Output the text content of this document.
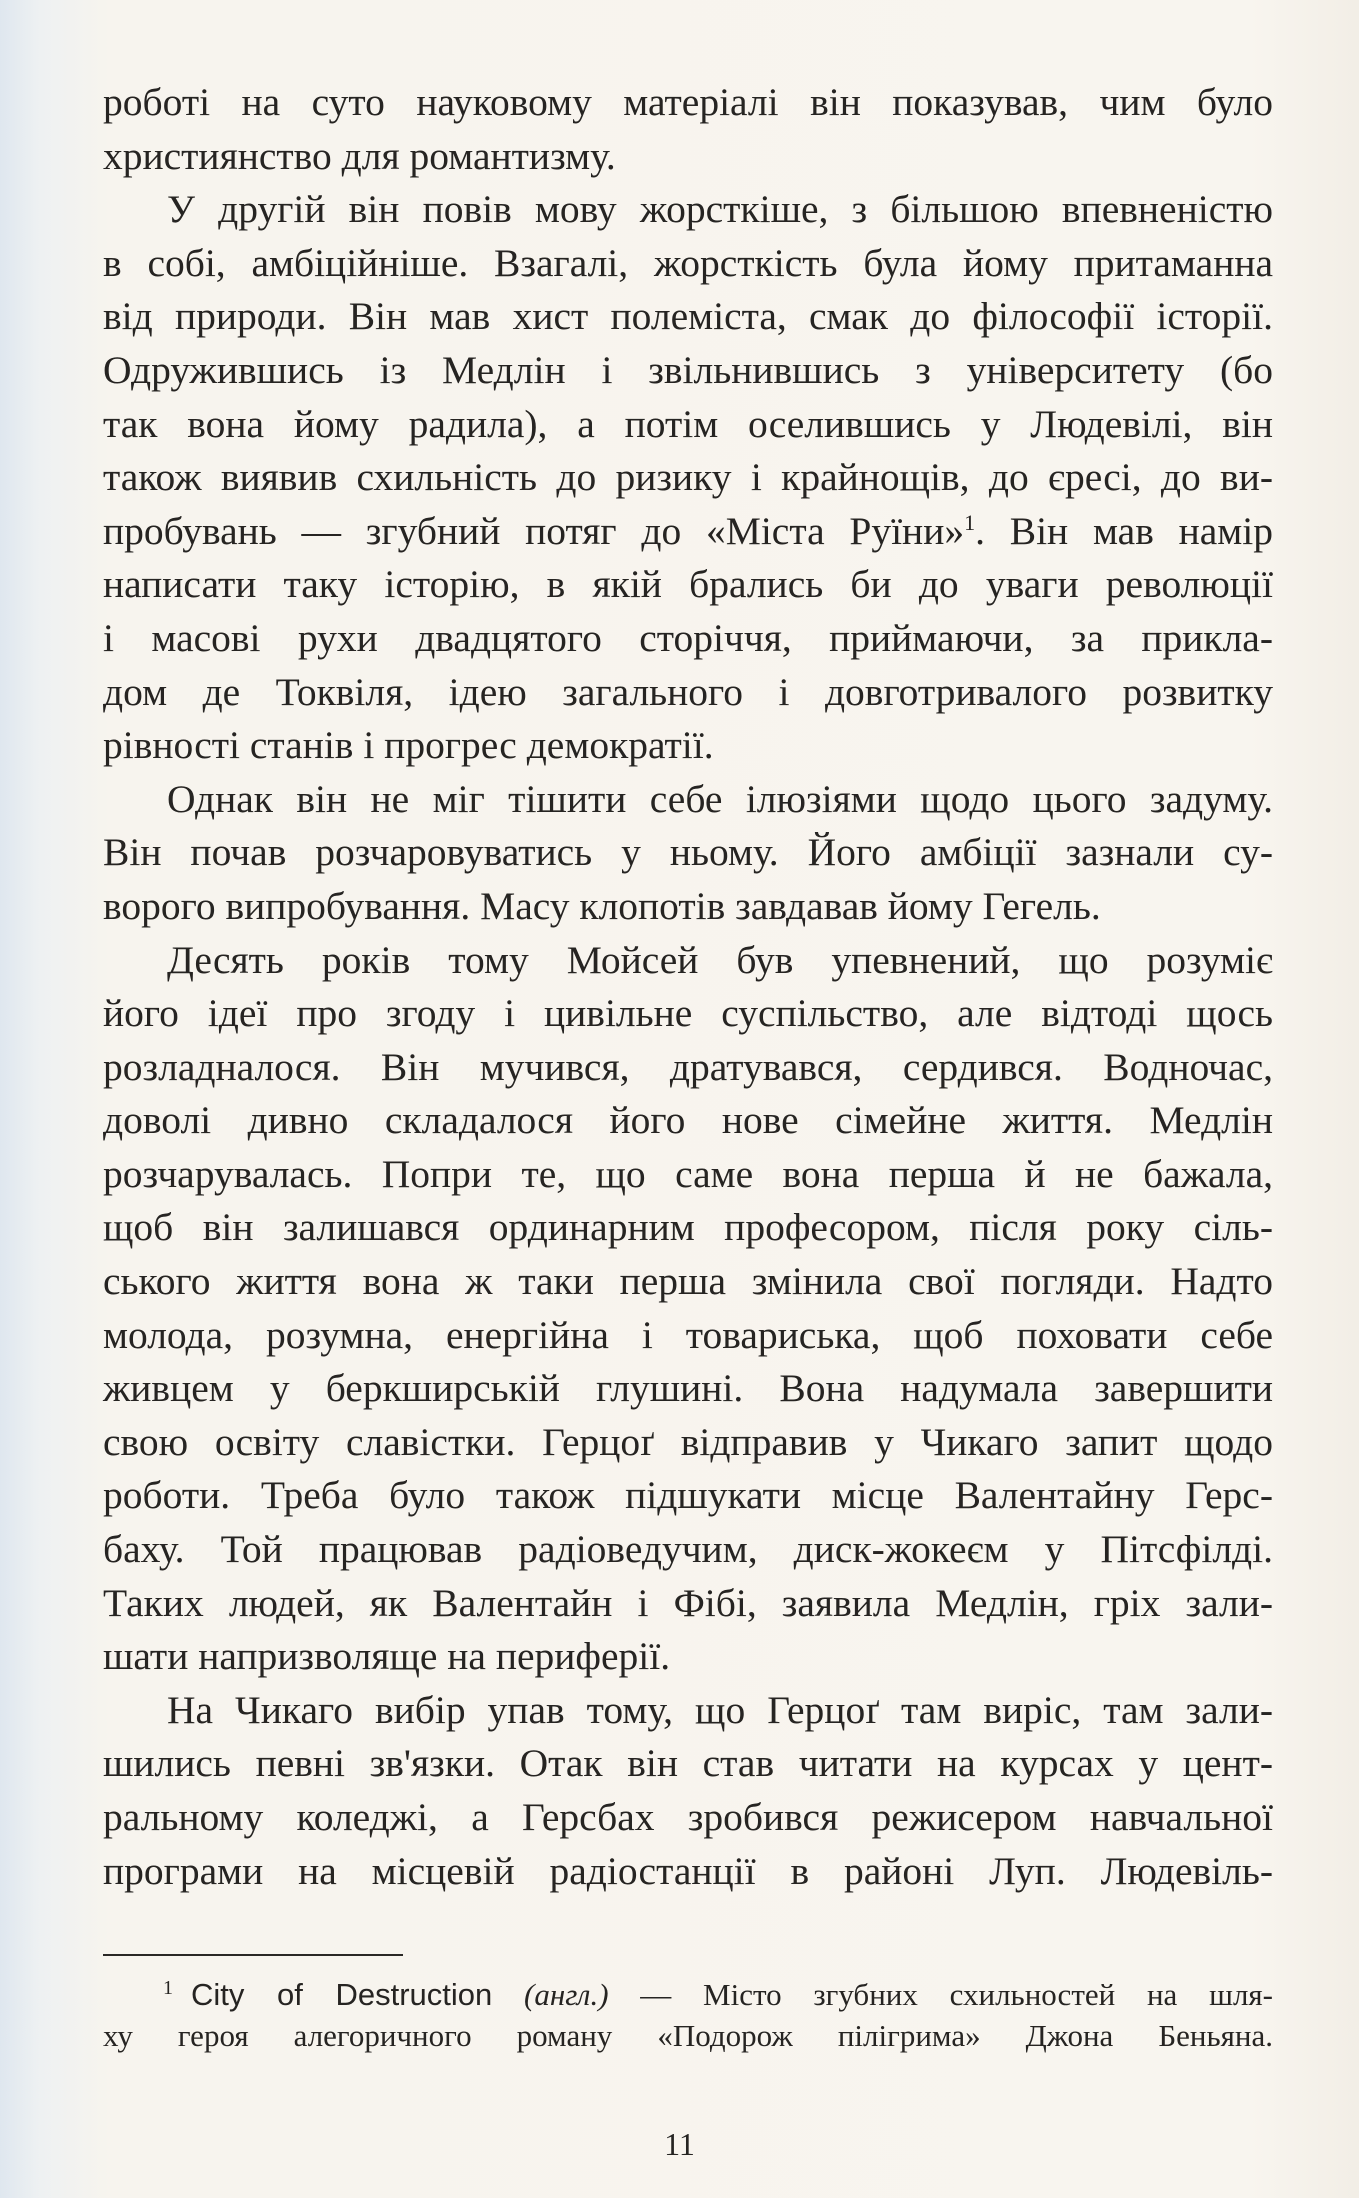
роботі на суто науковому матеріалі він показував, чим було
християнство для романтизму.

У другій він повів мову жорсткіше, з більшою впевненістю
в собі, амбіційніше. Взагалі, жорсткість була йому притаманна
від природи. Він мав хист полеміста, смак до філософії історії.
Одружившись із Медлін і звільнившись з університету (бо
так вона йому радила), а потім оселившись у Людевілі, він
також виявив схильність до ризику і крайнощів, до єресі, до ви-
пробувань — згубний потяг до «Міста Руїни»$^1$. Він мав намір
написати таку історію, в якій брались би до уваги революції
і масові рухи двадцятого сторіччя, приймаючи, за прикла-
дом де Токвіля, ідею загального і довготривалого розвитку
рівності станів і прогрес демократії.

Однак він не міг тішити себе ілюзіями щодо цього задуму.
Він почав розчаровуватись у ньому. Його амбіції зазнали су-
ворого випробування. Масу клопотів завдавав йому Гегель.

Десять років тому Мойсей був упевнений, що розуміє
його ідеї про згоду і цивільне суспільство, але відтоді щось
розладналося. Він мучився, дратувався, сердився. Водночас,
доволі дивно складалося його нове сімейне життя. Медлін
розчарувалась. Попри те, що саме вона перша й не бажала,
щоб він залишався ординарним професором, після року сіль-
ського життя вона ж таки перша змінила свої погляди. Надто
молода, розумна, енергійна і товариська, щоб поховати себе
живцем у беркширській глушині. Вона надумала завершити
свою освіту славістки. Герцоґ відправив у Чикаго запит щодо
роботи. Треба було також підшукати місце Валентайну Герс-
баху. Той працював радіоведучим, диск-жокеєм у Пітсфілді.
Таких людей, як Валентайн і Фібі, заявила Медлін, гріх зали-
шати напризволяще на периферії.

На Чикаго вибір упав тому, що Герцоґ там виріс, там зали-
шились певні зв'язки. Отак він став читати на курсах у цент-
ральному коледжі, а Герсбах зробився режисером навчальної
програми на місцевій радіостанції в районі Луп. Людевіль-

1 City of Destruction (англ.) — Місто згубних схильностей на шля-
ху героя алегоричного роману «Подорож пілігрима» Джона Беньяна.
11
